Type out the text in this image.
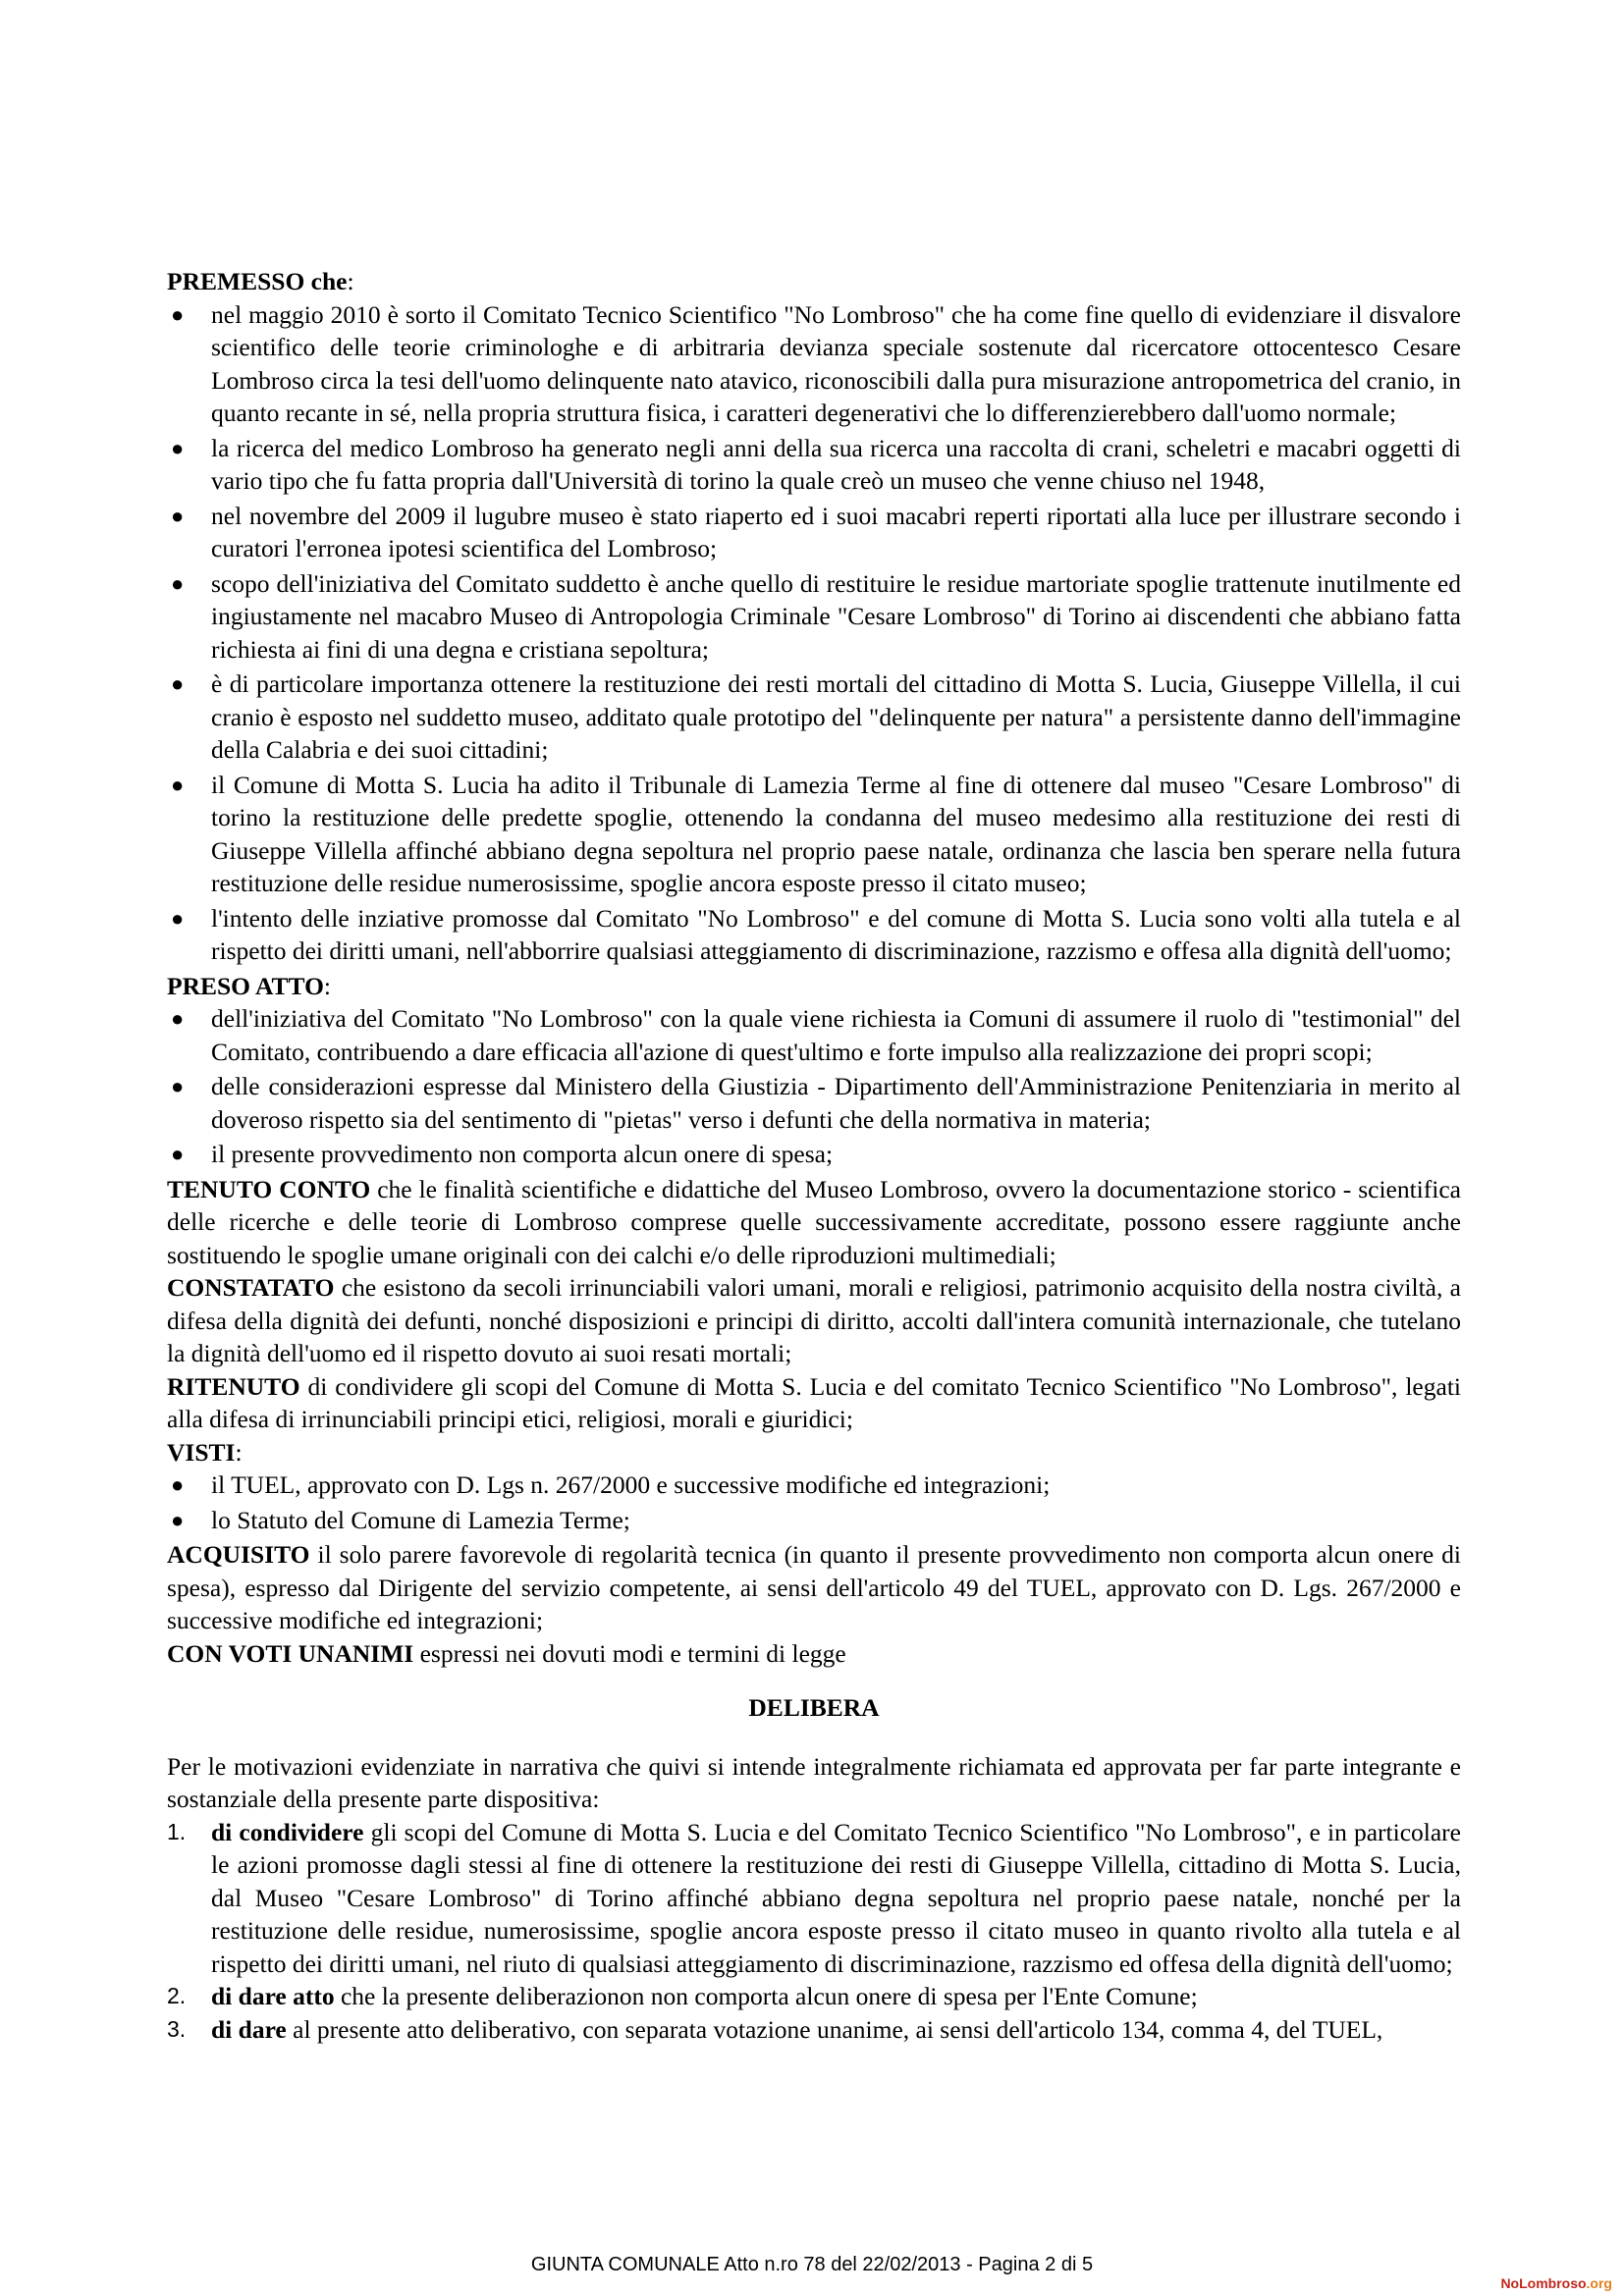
PREMESSO che:
● nel maggio 2010 è sorto il Comitato Tecnico Scientifico "No Lombroso" che ha come fine quello di evidenziare il disvalore scientifico delle teorie criminologhe e di arbitraria devianza speciale sostenute dal ricercatore ottocentesco Cesare Lombroso circa la tesi dell'uomo delinquente nato atavico, riconoscibili dalla pura misurazione antropometrica del cranio, in quanto recante in sé, nella propria struttura fisica, i caratteri degenerativi che lo differenzierebbero dall'uomo normale;
● la ricerca del medico Lombroso ha generato negli anni della sua ricerca una raccolta di crani, scheletri e macabri oggetti di vario tipo che fu fatta propria dall'Università di torino la quale creò un museo che venne chiuso nel 1948,
● nel novembre del 2009 il lugubre museo è stato riaperto ed i suoi macabri reperti riportati alla luce per illustrare secondo i curatori l'erronea ipotesi scientifica del Lombroso;
● scopo dell'iniziativa del Comitato suddetto è anche quello di restituire le residue martoriate spoglie trattenute inutilmente ed ingiustamente nel macabro Museo di Antropologia Criminale "Cesare Lombroso" di Torino ai discendenti che abbiano fatta richiesta ai fini di una degna e cristiana sepoltura;
● è di particolare importanza ottenere la restituzione dei resti mortali del cittadino di Motta S. Lucia, Giuseppe Villella, il cui cranio è esposto nel suddetto museo, additato quale prototipo del "delinquente per natura" a persistente danno dell'immagine della Calabria e dei suoi cittadini;
● il Comune di Motta S. Lucia ha adito il Tribunale di Lamezia Terme al fine di ottenere dal museo "Cesare Lombroso" di torino la restituzione delle predette spoglie, ottenendo la condanna del museo medesimo alla restituzione dei resti di Giuseppe Villella affinché abbiano degna sepoltura nel proprio paese natale, ordinanza che lascia ben sperare nella futura restituzione delle residue numerosissime, spoglie ancora esposte presso il citato museo;
● l'intento delle inziative promosse dal Comitato "No Lombroso" e del comune di Motta S. Lucia sono volti alla tutela e al rispetto dei diritti umani, nell'abborrire qualsiasi atteggiamento di discriminazione, razzismo e offesa alla dignità dell'uomo;
PRESO ATTO:
● dell'iniziativa del Comitato "No Lombroso" con la quale viene richiesta ia Comuni di assumere il ruolo di "testimonial" del Comitato, contribuendo a dare efficacia all'azione di quest'ultimo e forte impulso alla realizzazione dei propri scopi;
● delle considerazioni espresse dal Ministero della Giustizia - Dipartimento dell'Amministrazione Penitenziaria in merito al doveroso rispetto sia del sentimento di "pietas" verso i defunti che della normativa in materia;
● il presente provvedimento non comporta alcun onere di spesa;
TENUTO CONTO che le finalità scientifiche e didattiche del Museo Lombroso, ovvero la documentazione storico - scientifica delle ricerche e delle teorie di Lombroso comprese quelle successivamente accreditate, possono essere raggiunte anche sostituendo le spoglie umane originali con dei calchi e/o delle riproduzioni multimediali;
CONSTATATO che esistono da secoli irrinunciabili valori umani, morali e religiosi, patrimonio acquisito della nostra civiltà, a difesa della dignità dei defunti, nonché disposizioni e principi di diritto, accolti dall'intera comunità internazionale, che tutelano la dignità dell'uomo ed il rispetto dovuto ai suoi resati mortali;
RITENUTO di condividere gli scopi del Comune di Motta S. Lucia e del comitato Tecnico Scientifico "No Lombroso", legati alla difesa di irrinunciabili principi etici, religiosi, morali e giuridici;
VISTI:
● il TUEL, approvato con D. Lgs n. 267/2000 e successive modifiche ed integrazioni;
● lo Statuto del Comune di Lamezia Terme;
ACQUISITO il solo parere favorevole di regolarità tecnica (in quanto il presente provvedimento non comporta alcun onere di spesa), espresso dal Dirigente del servizio competente, ai sensi dell'articolo 49 del TUEL, approvato con D. Lgs. 267/2000 e successive modifiche ed integrazioni;
CON VOTI UNANIMI espressi nei dovuti modi e termini di legge
DELIBERA
Per le motivazioni evidenziate in narrativa che quivi si intende integralmente richiamata ed approvata per far parte integrante e sostanziale della presente parte dispositiva:
1. di condividere gli scopi del Comune di Motta S. Lucia e del Comitato Tecnico Scientifico "No Lombroso", e in particolare le azioni promosse dagli stessi al fine di ottenere la restituzione dei resti di Giuseppe Villella, cittadino di Motta S. Lucia, dal Museo "Cesare Lombroso" di Torino affinché abbiano degna sepoltura nel proprio paese natale, nonché per la restituzione delle residue, numerosissime, spoglie ancora esposte presso il citato museo in quanto rivolto alla tutela e al rispetto dei diritti umani, nel riuto di qualsiasi atteggiamento di discriminazione, razzismo ed offesa della dignità dell'uomo;
2. di dare atto che la presente deliberazionon non comporta alcun onere di spesa per l'Ente Comune;
3. di dare al presente atto deliberativo, con separata votazione unanime, ai sensi dell'articolo 134, comma 4, del TUEL,
GIUNTA COMUNALE Atto n.ro 78 del 22/02/2013 - Pagina 2 di 5
NoLombroso.org
